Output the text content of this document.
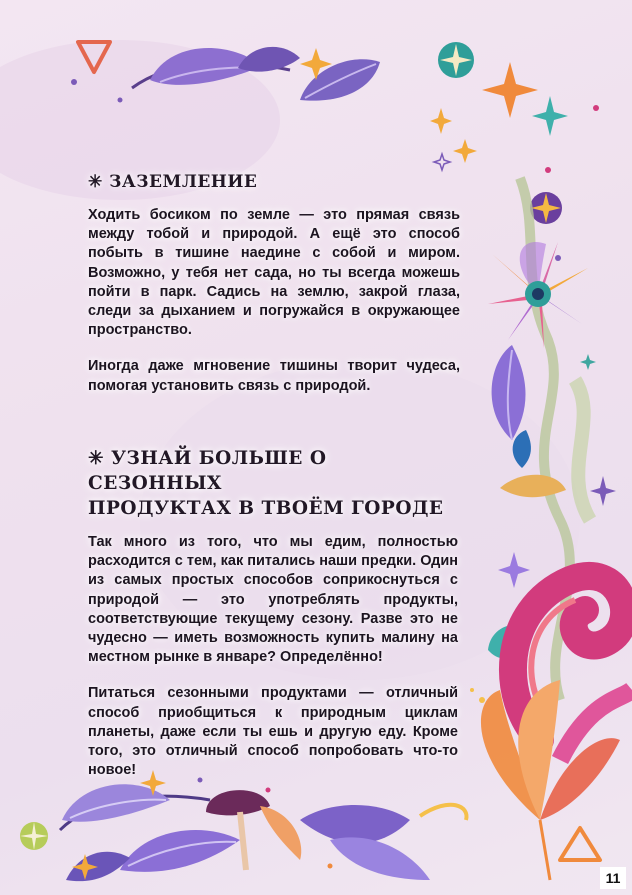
✳ ЗАЗЕМЛЕНИЕ

Ходить босиком по земле — это прямая связь между тобой и природой. А ещё это способ побыть в тишине наедине с собой и миром. Возможно, у тебя нет сада, но ты всегда можешь пойти в парк. Садись на землю, закрой глаза, следи за дыханием и погружайся в окружающее пространство.

Иногда даже мгновение тишины творит чудеса, помогая установить связь с природой.

✳ УЗНАЙ БОЛЬШЕ О СЕЗОННЫХ
ПРОДУКТАХ В ТВОЁМ ГОРОДЕ

Так много из того, что мы едим, полностью расходится с тем, как питались наши предки. Один из самых простых способов соприкоснуться с природой — это употреблять продукты, соответствующие текущему сезону. Разве это не чудесно — иметь возможность купить малину на местном рынке в январе? Определённо!

Питаться сезонными продуктами — отличный способ приобщиться к природным циклам планеты, даже если ты ешь и другую еду. Кроме того, это отличный способ попробовать что-то новое!

11
